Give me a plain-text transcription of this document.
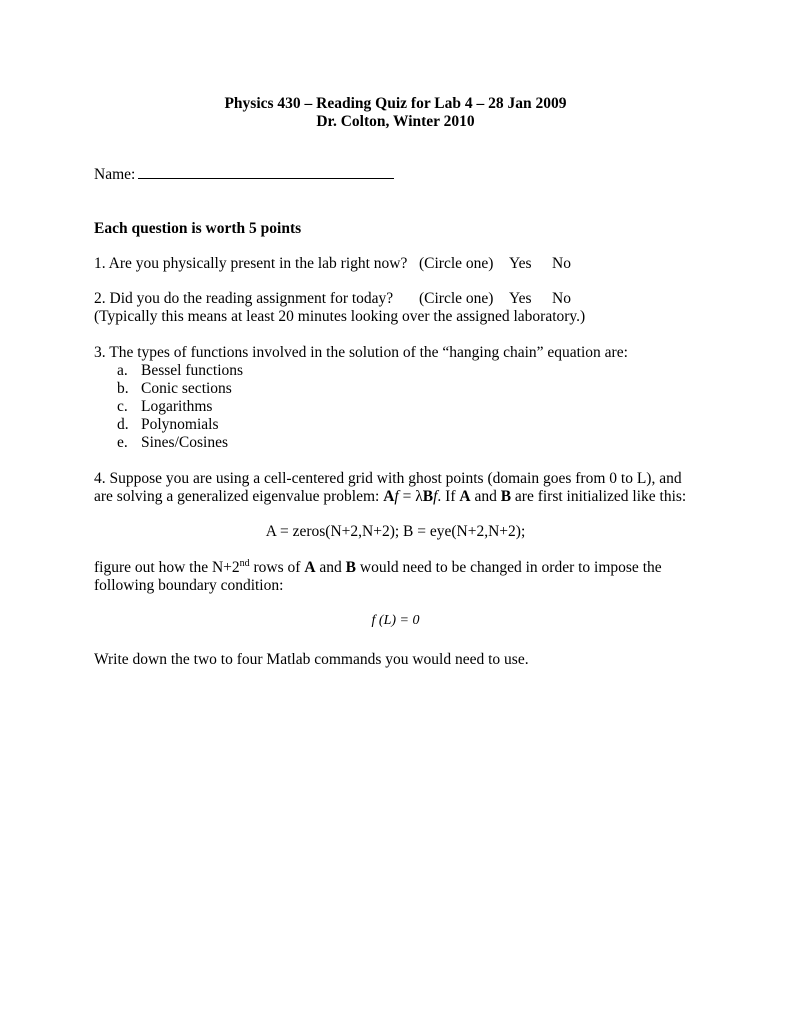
Physics 430 – Reading Quiz for Lab 4 – 28 Jan 2009
Dr. Colton, Winter 2010
Name:
Each question is worth 5 points
1. Are you physically present in the lab right now? (Circle one) Yes No
2. Did you do the reading assignment for today? (Circle one) Yes No
(Typically this means at least 20 minutes looking over the assigned laboratory.)
3. The types of functions involved in the solution of the “hanging chain” equation are:
a. Bessel functions
b. Conic sections
c. Logarithms
d. Polynomials
e. Sines/Cosines
4. Suppose you are using a cell-centered grid with ghost points (domain goes from 0 to L), and
are solving a generalized eigenvalue problem: Af = λBf. If A and B are first initialized like this:
A = zeros(N+2,N+2); B = eye(N+2,N+2);
figure out how the N+2nd rows of A and B would need to be changed in order to impose the
following boundary condition:
f (L) = 0
Write down the two to four Matlab commands you would need to use.
